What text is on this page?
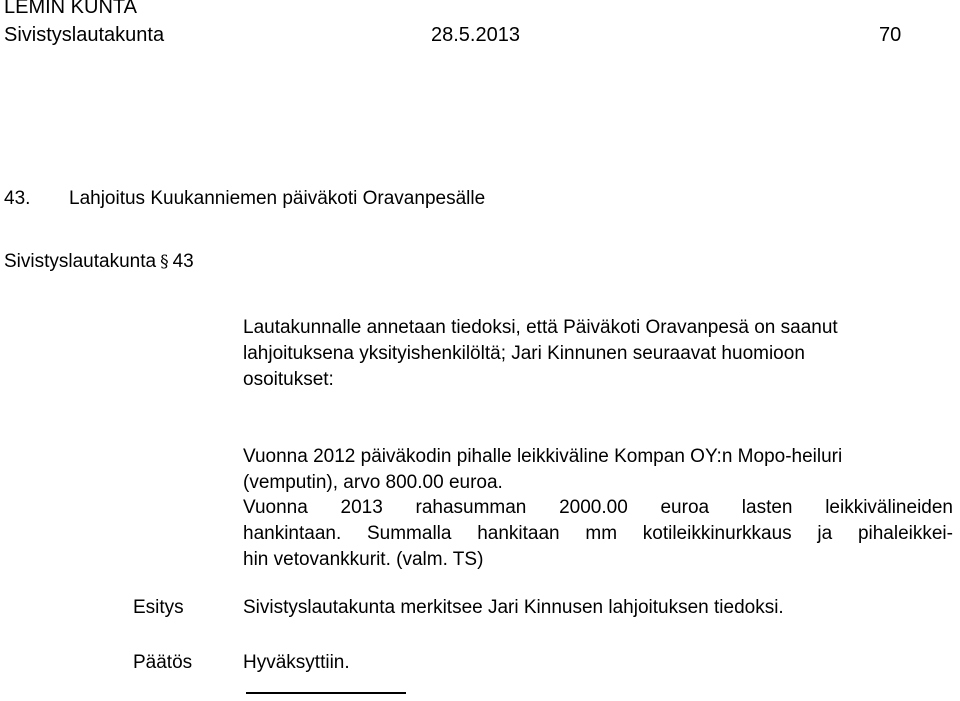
LEMIN KUNTA
Sivistyslautakunta	28.5.2013	70
43. Lahjoitus Kuukanniemen päiväkoti Oravanpesälle
Sivistyslautakunta § 43
Lautakunnalle annetaan tiedoksi, että Päiväkoti Oravanpesä on saanut
lahjoituksena yksityishenkilöltä; Jari Kinnunen seuraavat huomioon
osoitukset:
Vuonna 2012 päiväkodin pihalle leikkiväline Kompan OY:n Mopo-heiluri
(vemputin), arvo 800.00 euroa.
Vuonna 2013 rahasumman 2000.00 euroa lasten leikkivälineiden
hankintaan. Summalla hankitaan mm kotileikkinurkkaus ja pihaleikkei-
hin vetovankkurit. (valm. TS)
Esitys	Sivistyslautakunta merkitsee Jari Kinnusen lahjoituksen tiedoksi.
Päätös	Hyväksyttiin.
